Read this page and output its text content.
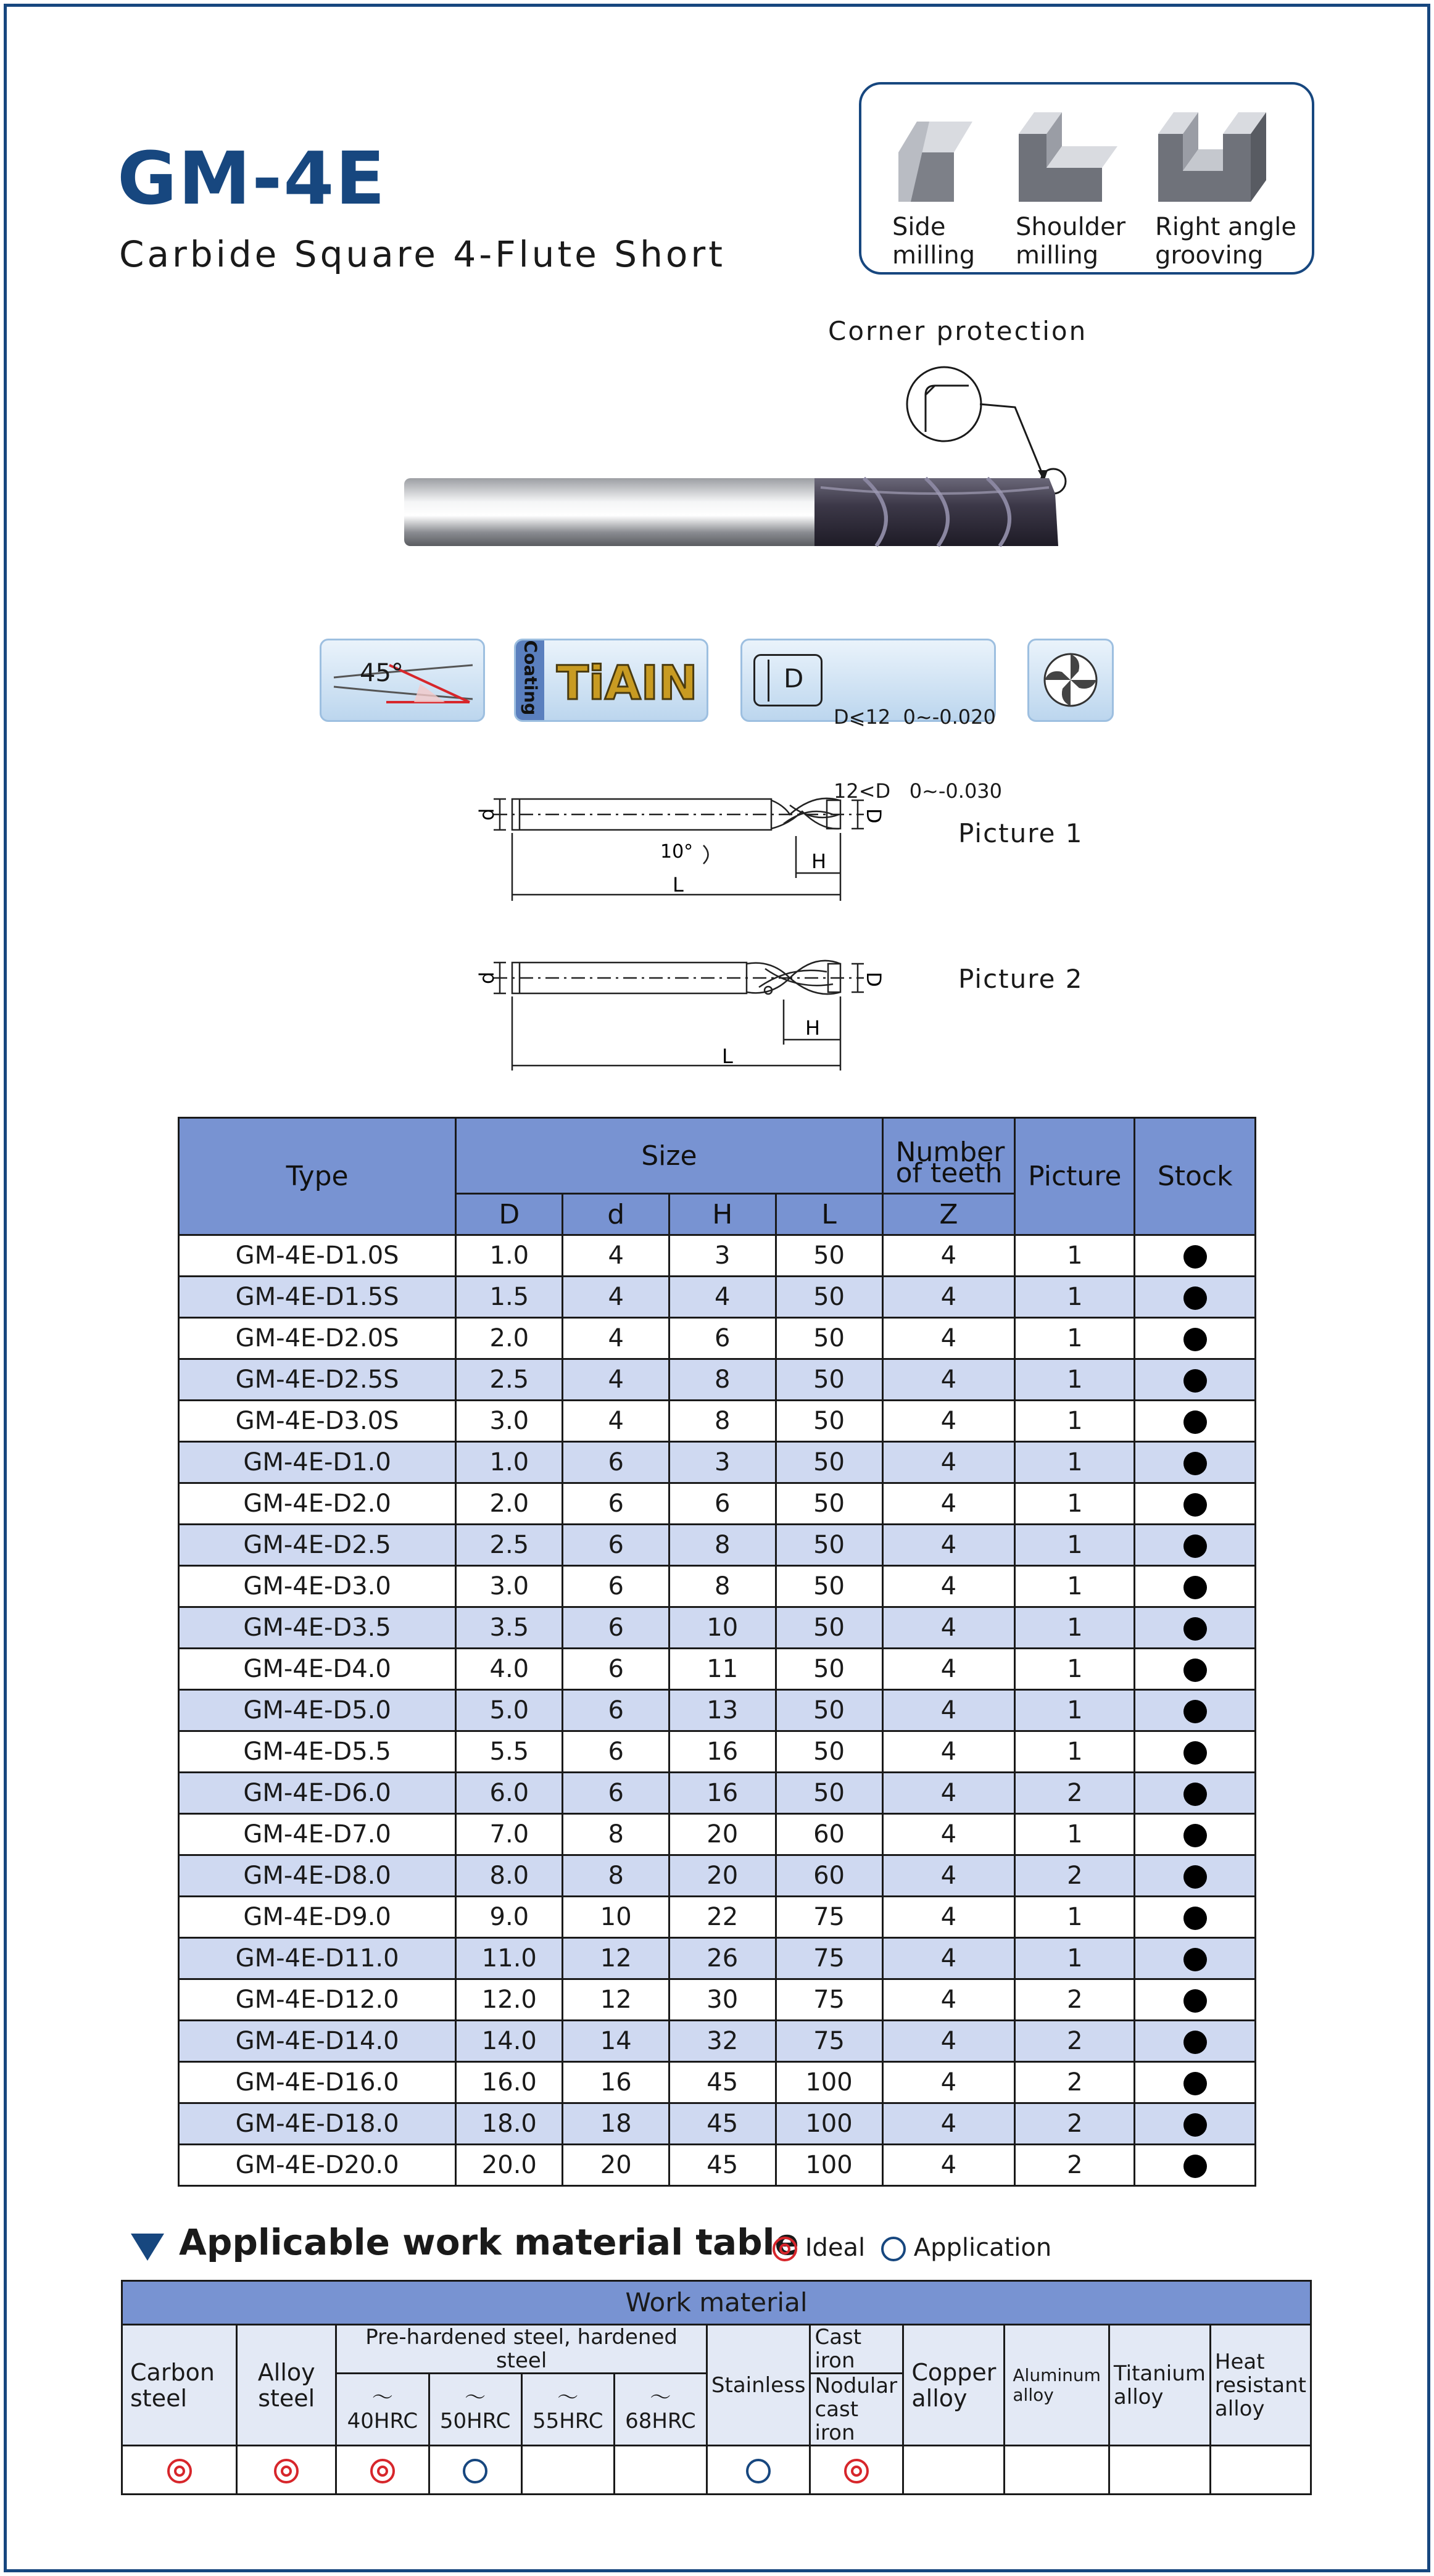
GM-4E
Carbide Square 4-Flute Short
Side
milling
Shoulder
milling
Right angle
grooving
Corner protection
45°	Coating TiAIN	D

D⩽12  0~-0.020

12<D   0~-0.030

d	D
H
L
10°
Picture 1
d	D
H
L
Picture 2
Type	Size				Number of teeth	Picture	Stock
	D	d	H	L	Z		
GM-4E-D1.0S	1.0	4	3	50	4	1	
GM-4E-D1.5S	1.5	4	4	50	4	1	
GM-4E-D2.0S	2.0	4	6	50	4	1	
GM-4E-D2.5S	2.5	4	8	50	4	1	
GM-4E-D3.0S	3.0	4	8	50	4	1	
GM-4E-D1.0	1.0	6	3	50	4	1	
GM-4E-D2.0	2.0	6	6	50	4	1	
GM-4E-D2.5	2.5	6	8	50	4	1	
GM-4E-D3.0	3.0	6	8	50	4	1	
GM-4E-D3.5	3.5	6	10	50	4	1	
GM-4E-D4.0	4.0	6	11	50	4	1	
GM-4E-D5.0	5.0	6	13	50	4	1	
GM-4E-D5.5	5.5	6	16	50	4	1	
GM-4E-D6.0	6.0	6	16	50	4	2	
GM-4E-D7.0	7.0	8	20	60	4	1	
GM-4E-D8.0	8.0	8	20	60	4	2	
GM-4E-D9.0	9.0	10	22	75	4	1	
GM-4E-D11.0	11.0	12	26	75	4	1	
GM-4E-D12.0	12.0	12	30	75	4	2	
GM-4E-D14.0	14.0	14	32	75	4	2	
GM-4E-D16.0	16.0	16	45	100	4	2	
GM-4E-D18.0	18.0	18	45	100	4	2	
GM-4E-D20.0	20.0	20	45	100	4	2	
Applicable work material table Ideal	Application
Work material											
Carbon steel	Alloy steel	Pre-hardened steel, hardened steel				Stainless	Cast iron	Copper alloy	Aluminum alloy	Titanium alloy	Heat resistant alloy
		～40HRC	～50HRC	～55HRC	～68HRC		Nodular cast iron				
